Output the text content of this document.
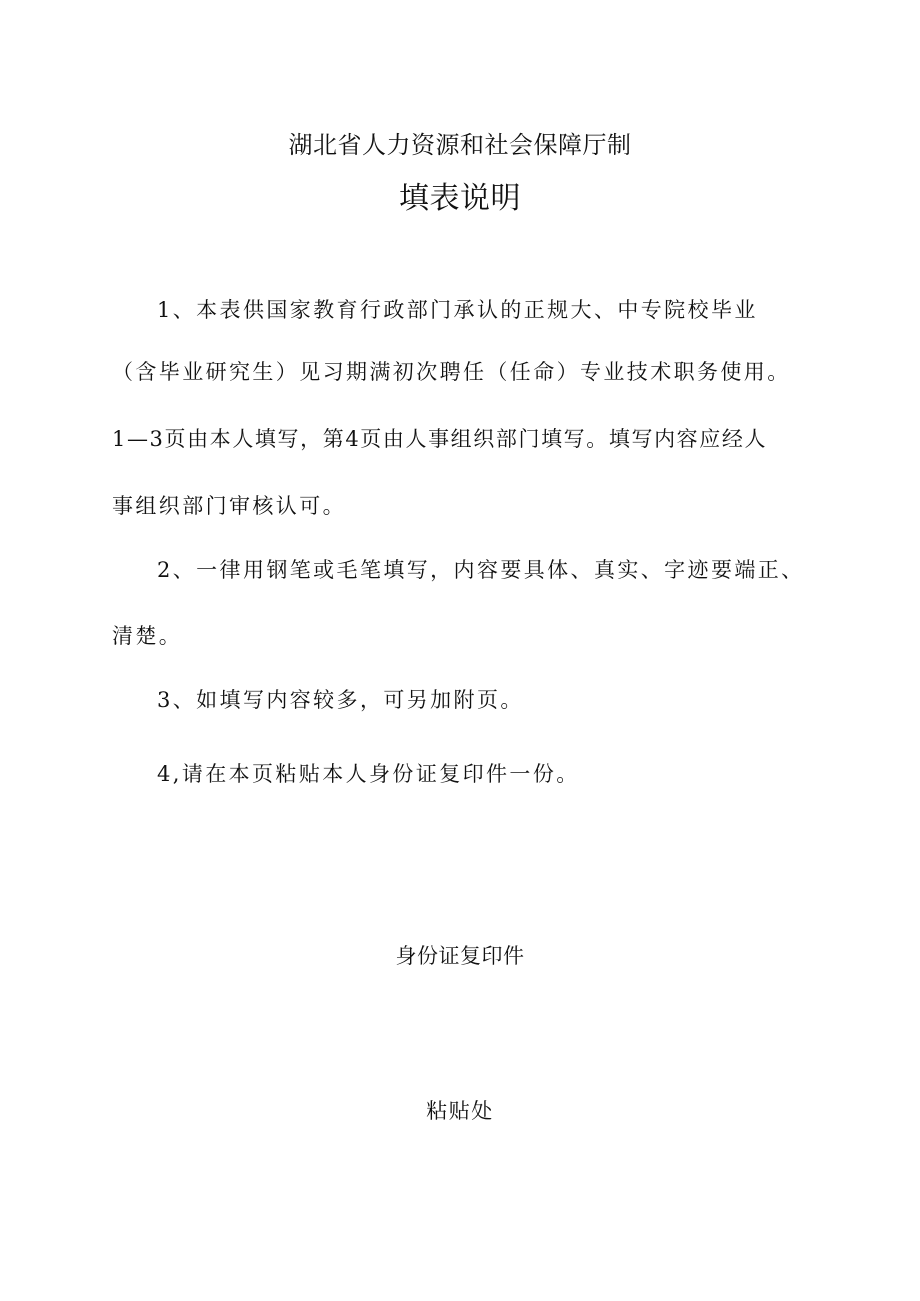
湖北省人力资源和社会保障厅制
填表说明
1、本表供国家教育行政部门承认的正规大、中专院校毕业
（含毕业研究生）见习期满初次聘任（任命）专业技术职务使用。
1—3页由本人填写，第4页由人事组织部门填写。填写内容应经人
事组织部门审核认可。
2、一律用钢笔或毛笔填写，内容要具体、真实、字迹要端正、
清楚。
3、如填写内容较多，可另加附页。
4,请在本页粘贴本人身份证复印件一份。
身份证复印件
粘贴处
